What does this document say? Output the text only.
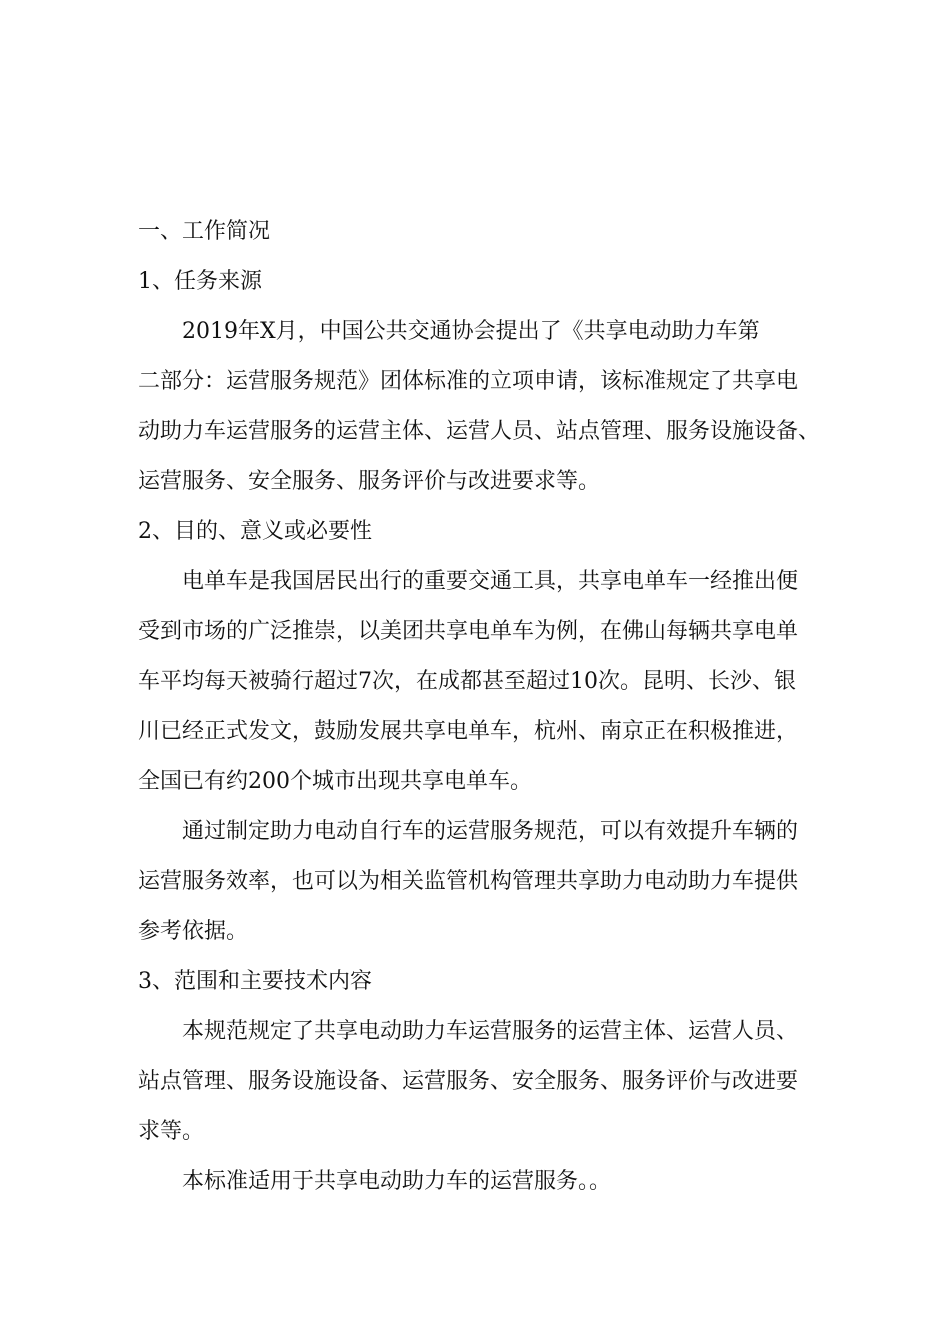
一、工作简况

1、任务来源

2019年X月，中国公共交通协会提出了《共享电动助力车第

二部分：运营服务规范》团体标准的立项申请，该标准规定了共享电

动助力车运营服务的运营主体、运营人员、站点管理、服务设施设备、

运营服务、安全服务、服务评价与改进要求等。

2、目的、意义或必要性

电单车是我国居民出行的重要交通工具，共享电单车一经推出便

受到市场的广泛推崇，以美团共享电单车为例，在佛山每辆共享电单

车平均每天被骑行超过7次，在成都甚至超过10次。昆明、长沙、银

川已经正式发文，鼓励发展共享电单车，杭州、南京正在积极推进，

全国已有约200个城市出现共享电单车。

通过制定助力电动自行车的运营服务规范，可以有效提升车辆的

运营服务效率，也可以为相关监管机构管理共享助力电动助力车提供

参考依据。

3、范围和主要技术内容

本规范规定了共享电动助力车运营服务的运营主体、运营人员、

站点管理、服务设施设备、运营服务、安全服务、服务评价与改进要

求等。

本标准适用于共享电动助力车的运营服务。。
